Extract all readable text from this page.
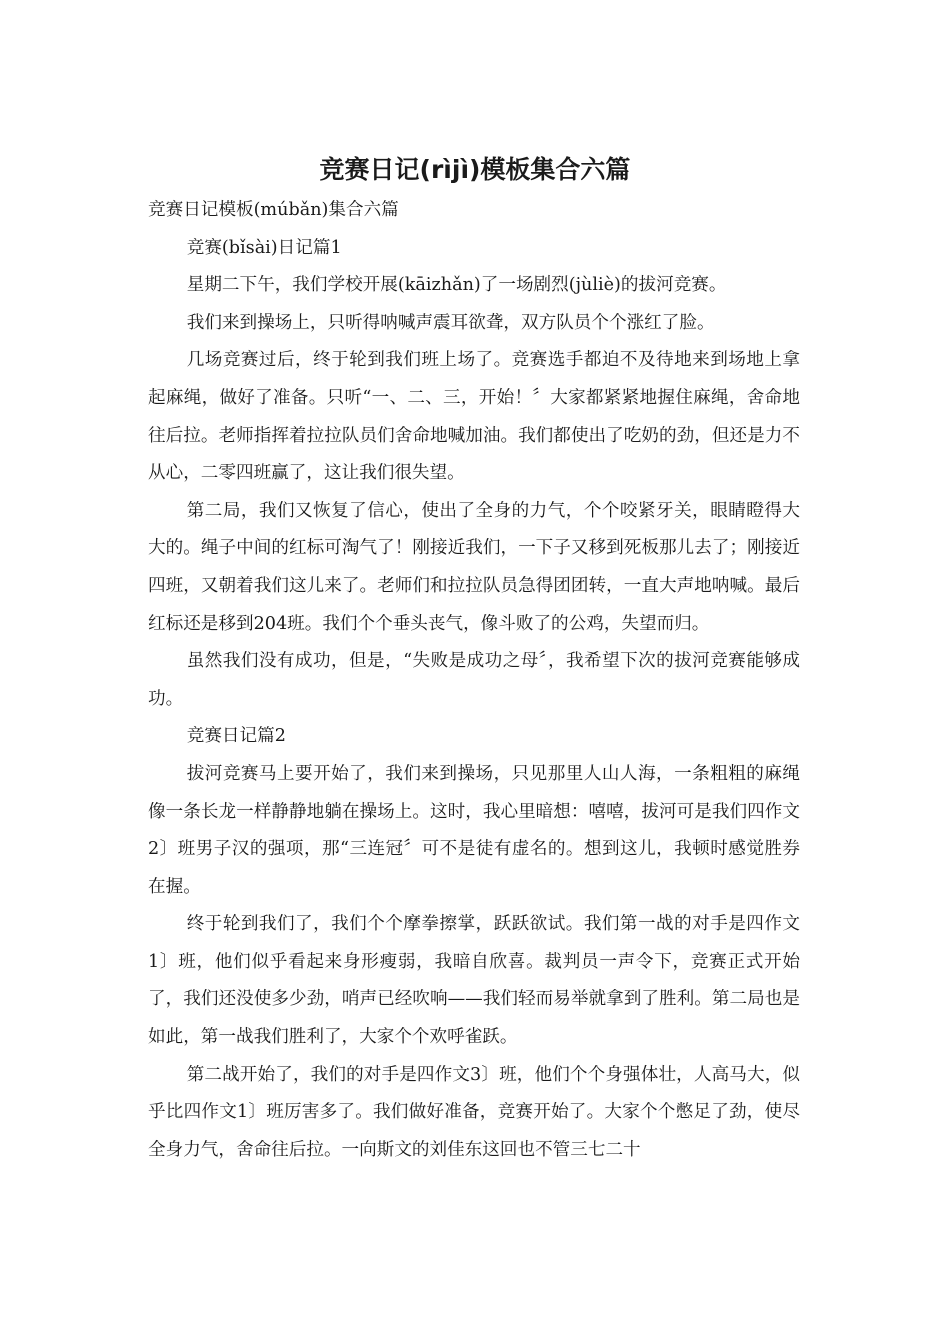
竞赛日记(rìjì)模板集合六篇

竞赛日记模板(múbǎn)集合六篇

竞赛(bǐsài)日记篇1

星期二下午，我们学校开展(kāizhǎn)了一场剧烈(jùliè)的拔河竞赛。

我们来到操场上，只听得呐喊声震耳欲聋，双方队员个个涨红了脸。

几场竞赛过后，终于轮到我们班上场了。竞赛选手都迫不及待地来到场地上拿起麻绳，做好了准备。只听“一、二、三，开始！〞大家都紧紧地握住麻绳，舍命地往后拉。老师指挥着拉拉队员们舍命地喊加油。我们都使出了吃奶的劲，但还是力不从心，二零四班赢了，这让我们很失望。

第二局，我们又恢复了信心，使出了全身的力气，个个咬紧牙关，眼睛瞪得大大的。绳子中间的红标可淘气了！刚接近我们，一下子又移到死板那儿去了；刚接近四班，又朝着我们这儿来了。老师们和拉拉队员急得团团转，一直大声地呐喊。最后红标还是移到204班。我们个个垂头丧气，像斗败了的公鸡，失望而归。

虽然我们没有成功，但是，“失败是成功之母〞，我希望下次的拔河竞赛能够成功。

竞赛日记篇2

拔河竞赛马上要开始了，我们来到操场，只见那里人山人海，一条粗粗的麻绳像一条长龙一样静静地躺在操场上。这时，我心里暗想：嘻嘻，拔河可是我们四作文2〕班男子汉的强项，那“三连冠〞可不是徒有虚名的。想到这儿，我顿时感觉胜券在握。

终于轮到我们了，我们个个摩拳擦掌，跃跃欲试。我们第一战的对手是四作文1〕班，他们似乎看起来身形瘦弱，我暗自欣喜。裁判员一声令下，竞赛正式开始了，我们还没使多少劲，哨声已经吹响——我们轻而易举就拿到了胜利。第二局也是如此，第一战我们胜利了，大家个个欢呼雀跃。

第二战开始了，我们的对手是四作文3〕班，他们个个身强体壮，人高马大，似乎比四作文1〕班厉害多了。我们做好准备，竞赛开始了。大家个个憋足了劲，使尽全身力气，舍命往后拉。一向斯文的刘佳东这回也不管三七二十
